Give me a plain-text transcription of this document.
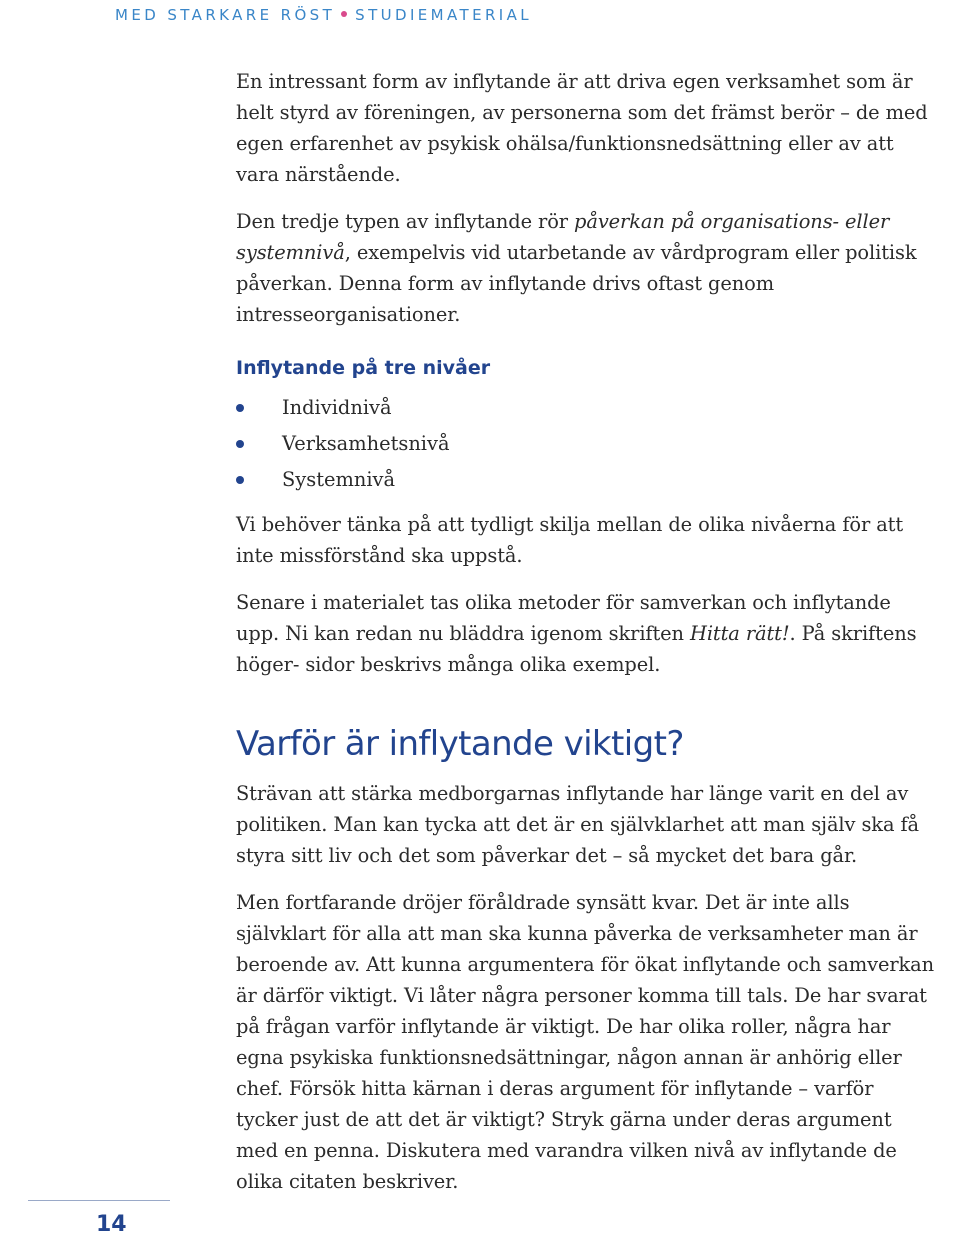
MED STARKARE RÖST STUDIEMATERIAL

En intressant form av inflytande är att driva egen verksamhet som är helt styrd av föreningen, av personerna som det främst berör – de med egen erfarenhet av psykisk ohälsa/funktionsnedsättning eller av att vara närstående.

Den tredje typen av inflytande rör påverkan på organisations- eller systemnivå, exempelvis vid utarbetande av vårdprogram eller politisk påverkan. Denna form av inflytande drivs oftast genom intresseorganisationer.

Inflytande på tre nivåer
Individnivå
Verksamhetsnivå
Systemnivå

Vi behöver tänka på att tydligt skilja mellan de olika nivåerna för att inte missförstånd ska uppstå.

Senare i materialet tas olika metoder för samverkan och inflytande upp. Ni kan redan nu bläddra igenom skriften Hitta rätt!. På skriftens höger- sidor beskrivs många olika exempel.

Varför är inflytande viktigt?

Strävan att stärka medborgarnas inflytande har länge varit en del av politiken. Man kan tycka att det är en självklarhet att man själv ska få styra sitt liv och det som påverkar det – så mycket det bara går.

Men fortfarande dröjer föråldrade synsätt kvar. Det är inte alls självklart för alla att man ska kunna påverka de verksamheter man är beroende av. Att kunna argumentera för ökat inflytande och samverkan är därför viktigt. Vi låter några personer komma till tals. De har svarat på frågan varför inflytande är viktigt. De har olika roller, några har egna psykiska funktionsnedsättningar, någon annan är anhörig eller chef. Försök hitta kärnan i deras argument för inflytande – varför tycker just de att det är viktigt? Stryk gärna under deras argument med en penna. Diskutera med varandra vilken nivå av inflytande de olika citaten beskriver.

14
